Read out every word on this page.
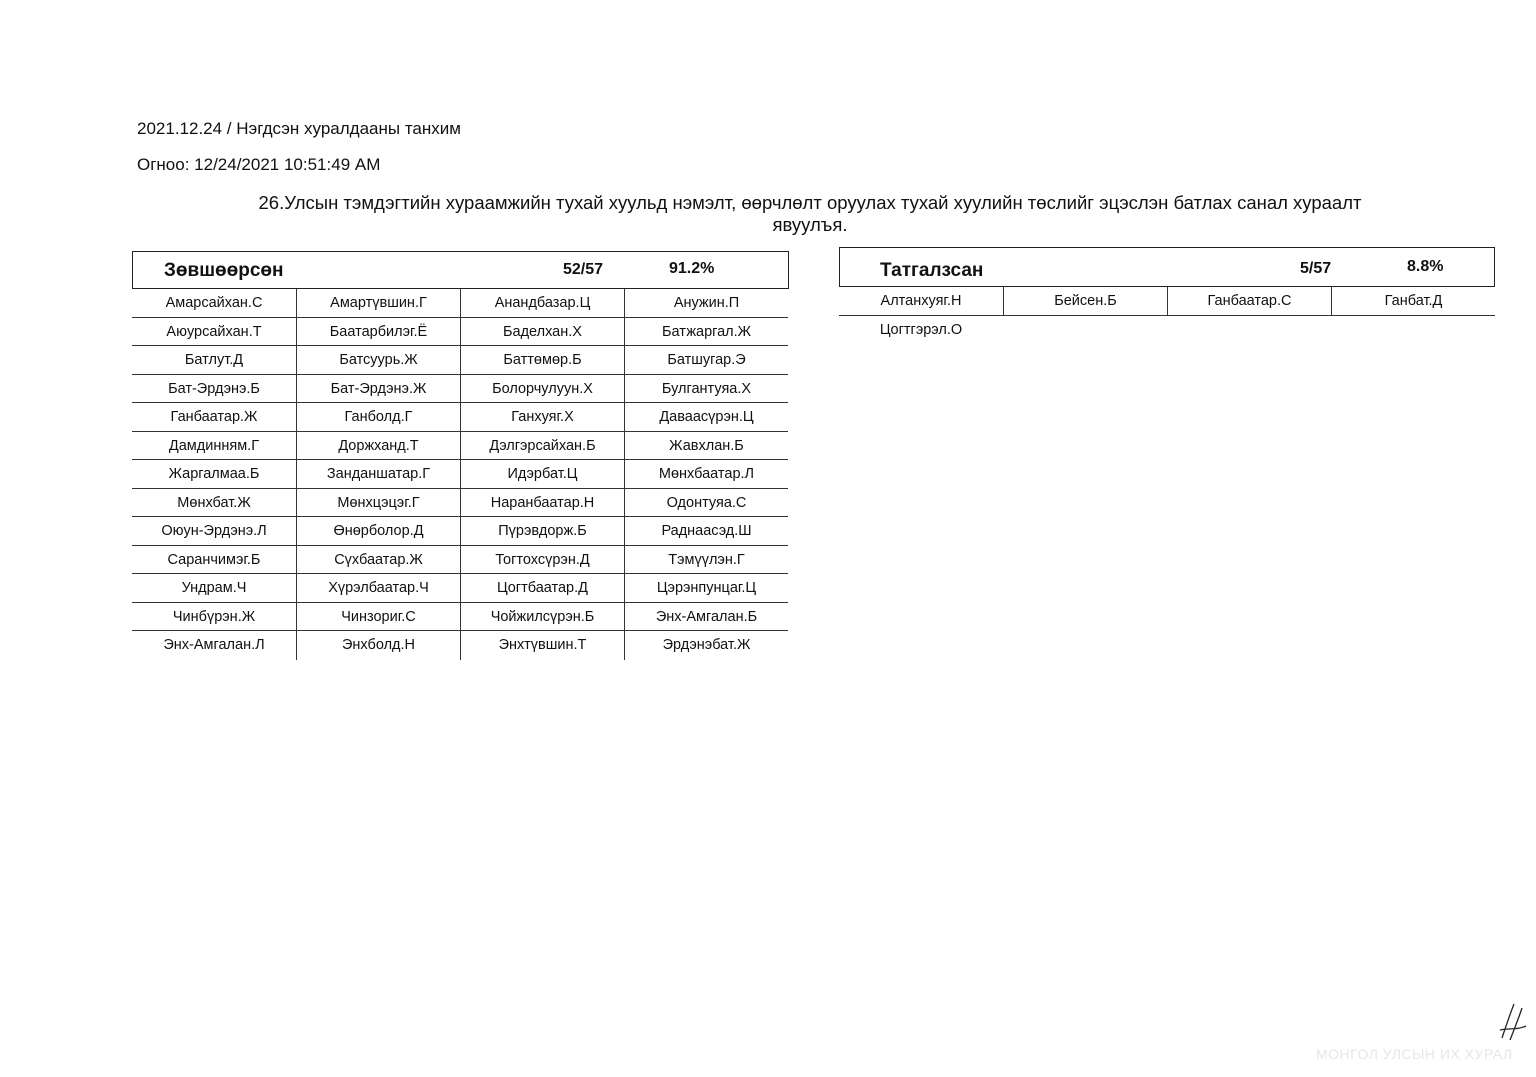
2021.12.24 / Нэгдсэн хуралдааны танхим
Огноо: 12/24/2021 10:51:49 AM
26.Улсын тэмдэгтийн хураамжийн тухай хуульд нэмэлт, өөрчлөлт оруулах тухай хуулийн төслийг эцэслэн батлах санал хураалт
явуулъя.
Зөвшөөрсөн	52/57	91.2%
Амарсайхан.С	Амартүвшин.Г	Анандбазар.Ц	Анужин.П
Аюурсайхан.Т	Баатарбилэг.Ё	Баделхан.Х	Батжаргал.Ж
Батлут.Д	Батсуурь.Ж	Баттөмөр.Б	Батшугар.Э
Бат-Эрдэнэ.Б	Бат-Эрдэнэ.Ж	Болорчулуун.Х	Булгантуяа.Х
Ганбаатар.Ж	Ганболд.Г	Ганхуяг.Х	Даваасүрэн.Ц
Дамдинням.Г	Доржханд.Т	Дэлгэрсайхан.Б	Жавхлан.Б
Жаргалмаа.Б	Занданшатар.Г	Идэрбат.Ц	Мөнхбаатар.Л
Мөнхбат.Ж	Мөнхцэцэг.Г	Наранбаатар.Н	Одонтуяа.С
Оюун-Эрдэнэ.Л	Өнөрболор.Д	Пүрэвдорж.Б	Раднаасэд.Ш
Саранчимэг.Б	Сүхбаатар.Ж	Тогтохсүрэн.Д	Тэмүүлэн.Г
Ундрам.Ч	Хүрэлбаатар.Ч	Цогтбаатар.Д	Цэрэнпунцаг.Ц
Чинбүрэн.Ж	Чинзориг.С	Чойжилсүрэн.Б	Энх-Амгалан.Б
Энх-Амгалан.Л	Энхболд.Н	Энхтүвшин.Т	Эрдэнэбат.Ж
Татгалзсан	5/57	8.8%
Алтанхуяг.Н	Бейсен.Б	Ганбаатар.С	Ганбат.Д
Цогтгэрэл.О
МОНГОЛ УЛСЫН ИХ ХУРАЛ
